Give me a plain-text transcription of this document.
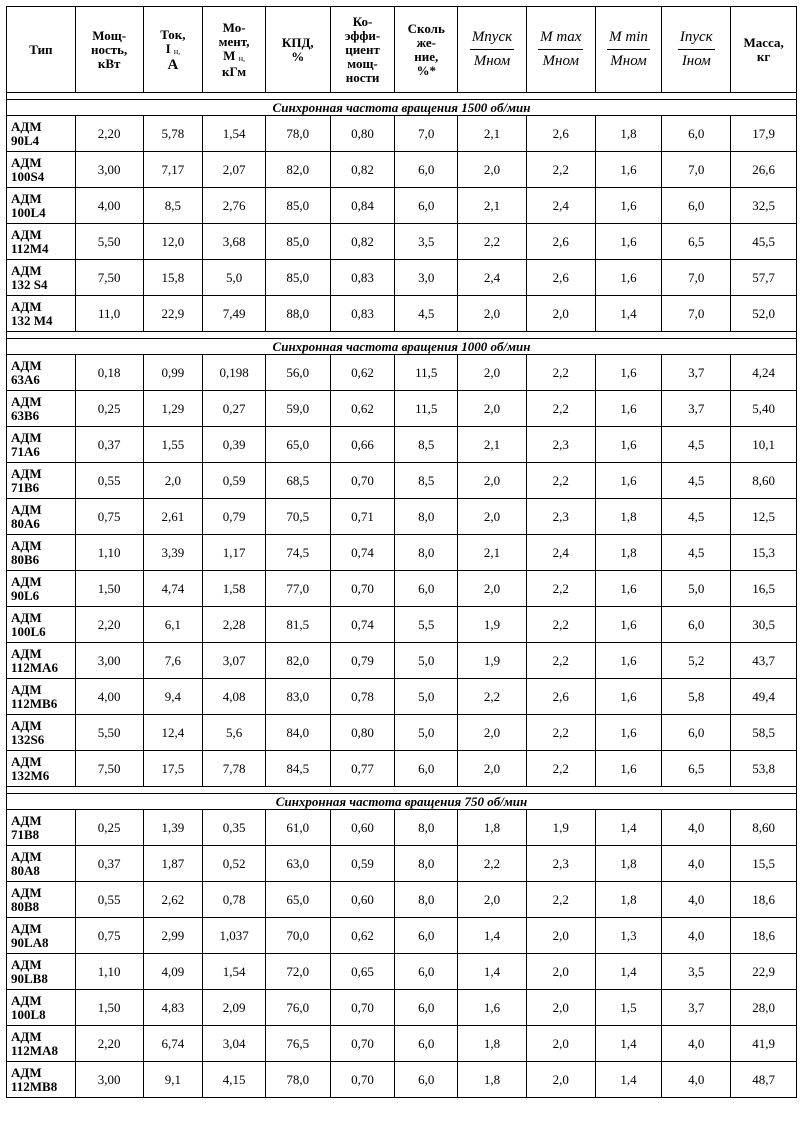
Тип	Мощ-
ность,
кВт	Ток,
I $_{н,}$
А	Мо-
мент,
М $_{н,}$
кГм	КПД,
%	Ко-
эффи-
циент
мощ-
ности	Сколь
же-
ние,
%*	$\frac{\text{Mпуск}}{\text{Mном}}$	$\frac{\text{M max}}{\text{Mном}}$	$\frac{\text{M min}}{\text{Mном}}$	$\frac{\text{Iпуск}}{\text{Iном}}$	Масса,
кг

Синхронная частота вращения 1500 об/мин											
АДМ
90L4	2,20	5,78	1,54	78,0	0,80	7,0	2,1	2,6	1,8	6,0	17,9
АДМ
100S4	3,00	7,17	2,07	82,0	0,82	6,0	2,0	2,2	1,6	7,0	26,6
АДМ
100L4	4,00	8,5	2,76	85,0	0,84	6,0	2,1	2,4	1,6	6,0	32,5
АДМ
112M4	5,50	12,0	3,68	85,0	0,82	3,5	2,2	2,6	1,6	6,5	45,5
АДМ
132 S4	7,50	15,8	5,0	85,0	0,83	3,0	2,4	2,6	1,6	7,0	57,7
АДМ
132 M4	11,0	22,9	7,49	88,0	0,83	4,5	2,0	2,0	1,4	7,0	52,0

Синхронная частота вращения 1000 об/мин											
АДМ
63А6	0,18	0,99	0,198	56,0	0,62	11,5	2,0	2,2	1,6	3,7	4,24
АДМ
63В6	0,25	1,29	0,27	59,0	0,62	11,5	2,0	2,2	1,6	3,7	5,40
АДМ
71А6	0,37	1,55	0,39	65,0	0,66	8,5	2,1	2,3	1,6	4,5	10,1
АДМ
71В6	0,55	2,0	0,59	68,5	0,70	8,5	2,0	2,2	1,6	4,5	8,60
АДМ
80А6	0,75	2,61	0,79	70,5	0,71	8,0	2,0	2,3	1,8	4,5	12,5
АДМ
80В6	1,10	3,39	1,17	74,5	0,74	8,0	2,1	2,4	1,8	4,5	15,3
АДМ
90L6	1,50	4,74	1,58	77,0	0,70	6,0	2,0	2,2	1,6	5,0	16,5
АДМ
100L6	2,20	6,1	2,28	81,5	0,74	5,5	1,9	2,2	1,6	6,0	30,5
АДМ
112МА6	3,00	7,6	3,07	82,0	0,79	5,0	1,9	2,2	1,6	5,2	43,7
АДМ
112МВ6	4,00	9,4	4,08	83,0	0,78	5,0	2,2	2,6	1,6	5,8	49,4
АДМ
132S6	5,50	12,4	5,6	84,0	0,80	5,0	2,0	2,2	1,6	6,0	58,5
АДМ
132М6	7,50	17,5	7,78	84,5	0,77	6,0	2,0	2,2	1,6	6,5	53,8

Синхронная частота вращения 750 об/мин											
АДМ
71В8	0,25	1,39	0,35	61,0	0,60	8,0	1,8	1,9	1,4	4,0	8,60
АДМ
80А8	0,37	1,87	0,52	63,0	0,59	8,0	2,2	2,3	1,8	4,0	15,5
АДМ
80В8	0,55	2,62	0,78	65,0	0,60	8,0	2,0	2,2	1,8	4,0	18,6
АДМ
90LA8	0,75	2,99	1,037	70,0	0,62	6,0	1,4	2,0	1,3	4,0	18,6
АДМ
90LB8	1,10	4,09	1,54	72,0	0,65	6,0	1,4	2,0	1,4	3,5	22,9
АДМ
100L8	1,50	4,83	2,09	76,0	0,70	6,0	1,6	2,0	1,5	3,7	28,0
АДМ
112МА8	2,20	6,74	3,04	76,5	0,70	6,0	1,8	2,0	1,4	4,0	41,9
АДМ
112МВ8	3,00	9,1	4,15	78,0	0,70	6,0	1,8	2,0	1,4	4,0	48,7
